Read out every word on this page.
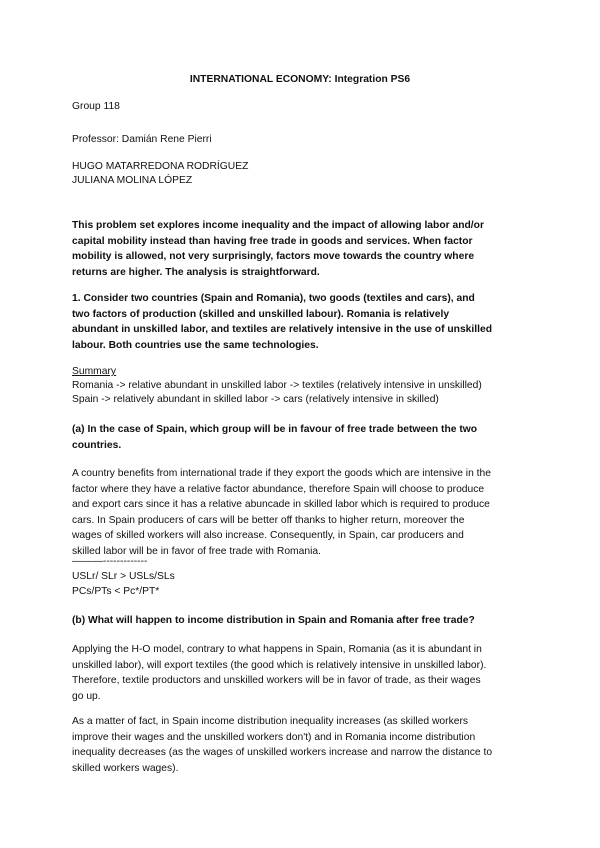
INTERNATIONAL ECONOMY: Integration PS6
Group 118
Professor: Damián Rene Pierri
HUGO MATARREDONA RODRÍGUEZ
JULIANA MOLINA LÓPEZ

This problem set explores income inequality and the impact of allowing labor and/or

capital mobility instead than having free trade in goods and services. When factor

mobility is allowed, not very surprisingly, factors move towards the country where

returns are higher. The analysis is straightforward.

1. Consider two countries (Spain and Romania), two goods (textiles and cars), and

two factors of production (skilled and unskilled labour). Romania is relatively

abundant in unskilled labor, and textiles are relatively intensive in the use of unskilled

labour. Both countries use the same technologies.

Summary
Romania -> relative abundant in unskilled labor -> textiles (relatively intensive in unskilled)
Spain -> relatively abundant in skilled labor -> cars (relatively intensive in skilled)

(a) In the case of Spain, which group will be in favour of free trade between the two

countries.

A country benefits from international trade if they export the goods which are intensive in the

factor where they have a relative factor abundance, therefore Spain will choose to produce

and export cars since it has a relative abuncade in skilled labor which is required to produce

cars. In Spain producers of cars will be better off thanks to higher return, moreover the

wages of skilled workers will also increase. Consequently, in Spain, car producers and

skilled labor will be in favor of free trade with Romania.

———-------------
USLr/ SLr > USLs/SLs
PCs/PTs < Pc*/PT*
(b) What will happen to income distribution in Spain and Romania after free trade?

Applying the H-O model, contrary to what happens in Spain, Romania (as it is abundant in

unskilled labor), will export textiles (the good which is relatively intensive in unskilled labor).

Therefore, textile productors and unskilled workers will be in favor of trade, as their wages

go up.

As a matter of fact, in Spain income distribution inequality increases (as skilled workers

improve their wages and the unskilled workers don't) and in Romania income distribution

inequality decreases (as the wages of unskilled workers increase and narrow the distance to

skilled workers wages).
